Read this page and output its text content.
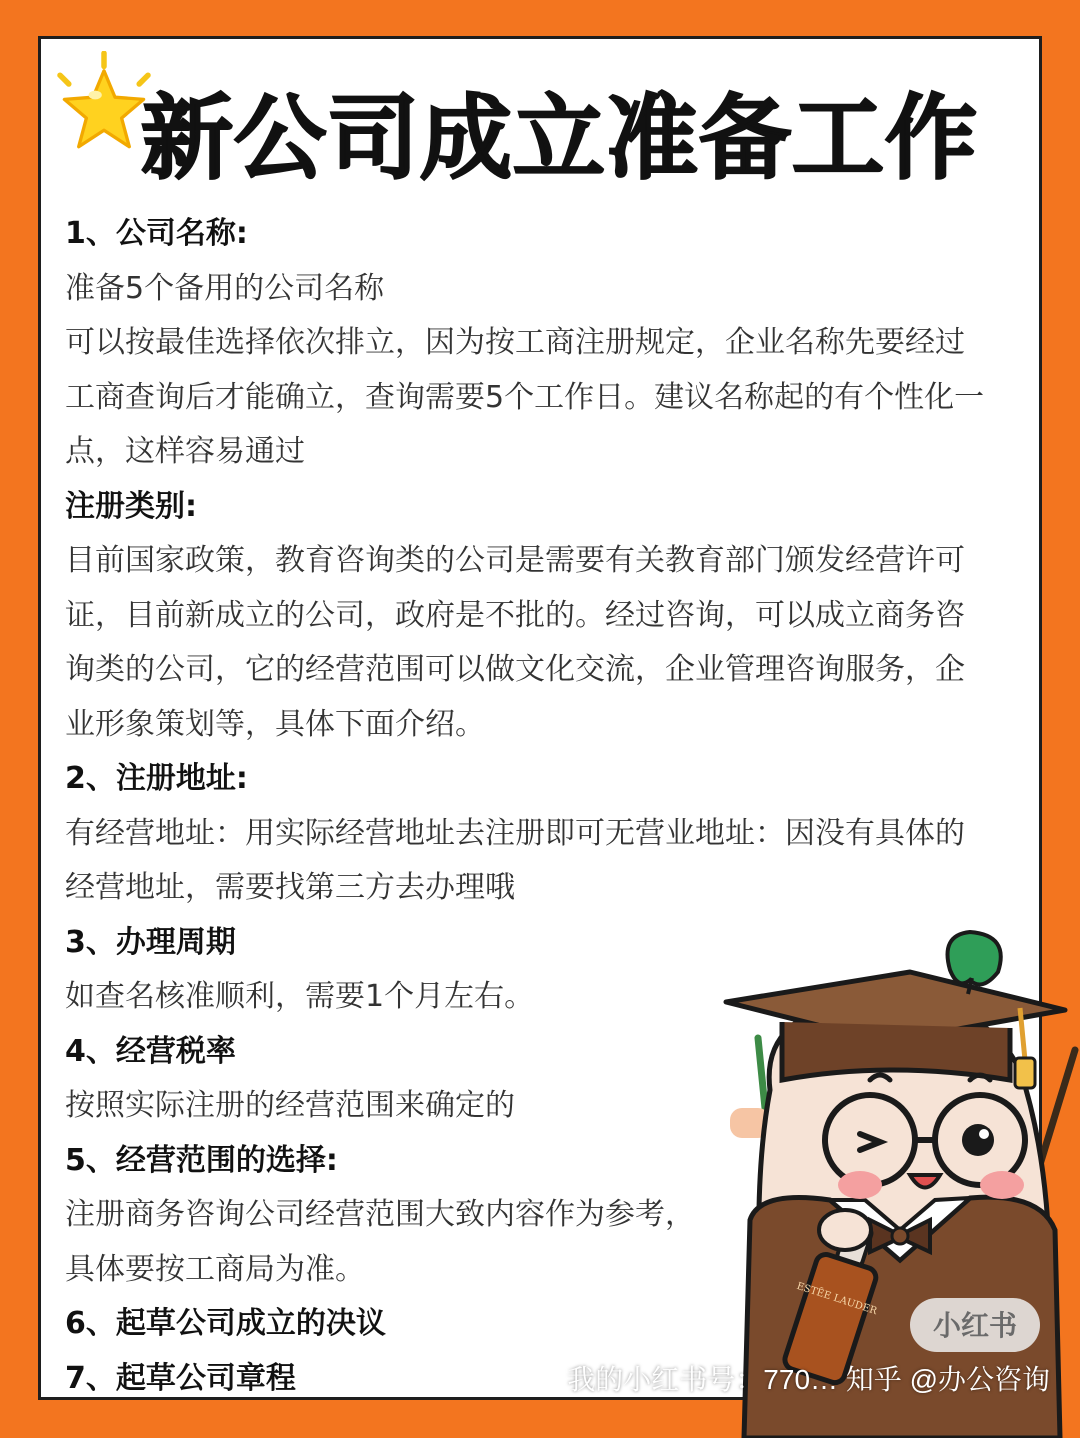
新公司成立准备工作
1、公司名称:
准备5个备用的公司名称
可以按最佳选择依次排立，因为按工商注册规定，企业名称先要经过
工商查询后才能确立，查询需要5个工作日。建议名称起的有个性化一
点，这样容易通过
注册类别:
目前国家政策，教育咨询类的公司是需要有关教育部门颁发经营许可
证，目前新成立的公司，政府是不批的。经过咨询，可以成立商务咨
询类的公司，它的经营范围可以做文化交流，企业管理咨询服务，企
业形象策划等，具体下面介绍。
2、注册地址:
有经营地址：用实际经营地址去注册即可无营业地址：因没有具体的
经营地址，需要找第三方去办理哦
3、办理周期
如查名核准顺利，需要1个月左右。
4、经营税率
按照实际注册的经营范围来确定的
5、经营范围的选择:
注册商务咨询公司经营范围大致内容作为参考，
具体要按工商局为准。
6、起草公司成立的决议
7、起草公司章程
ESTĒE LAUDER
小红书
我的小红书号：770… 知乎 @办公咨询
